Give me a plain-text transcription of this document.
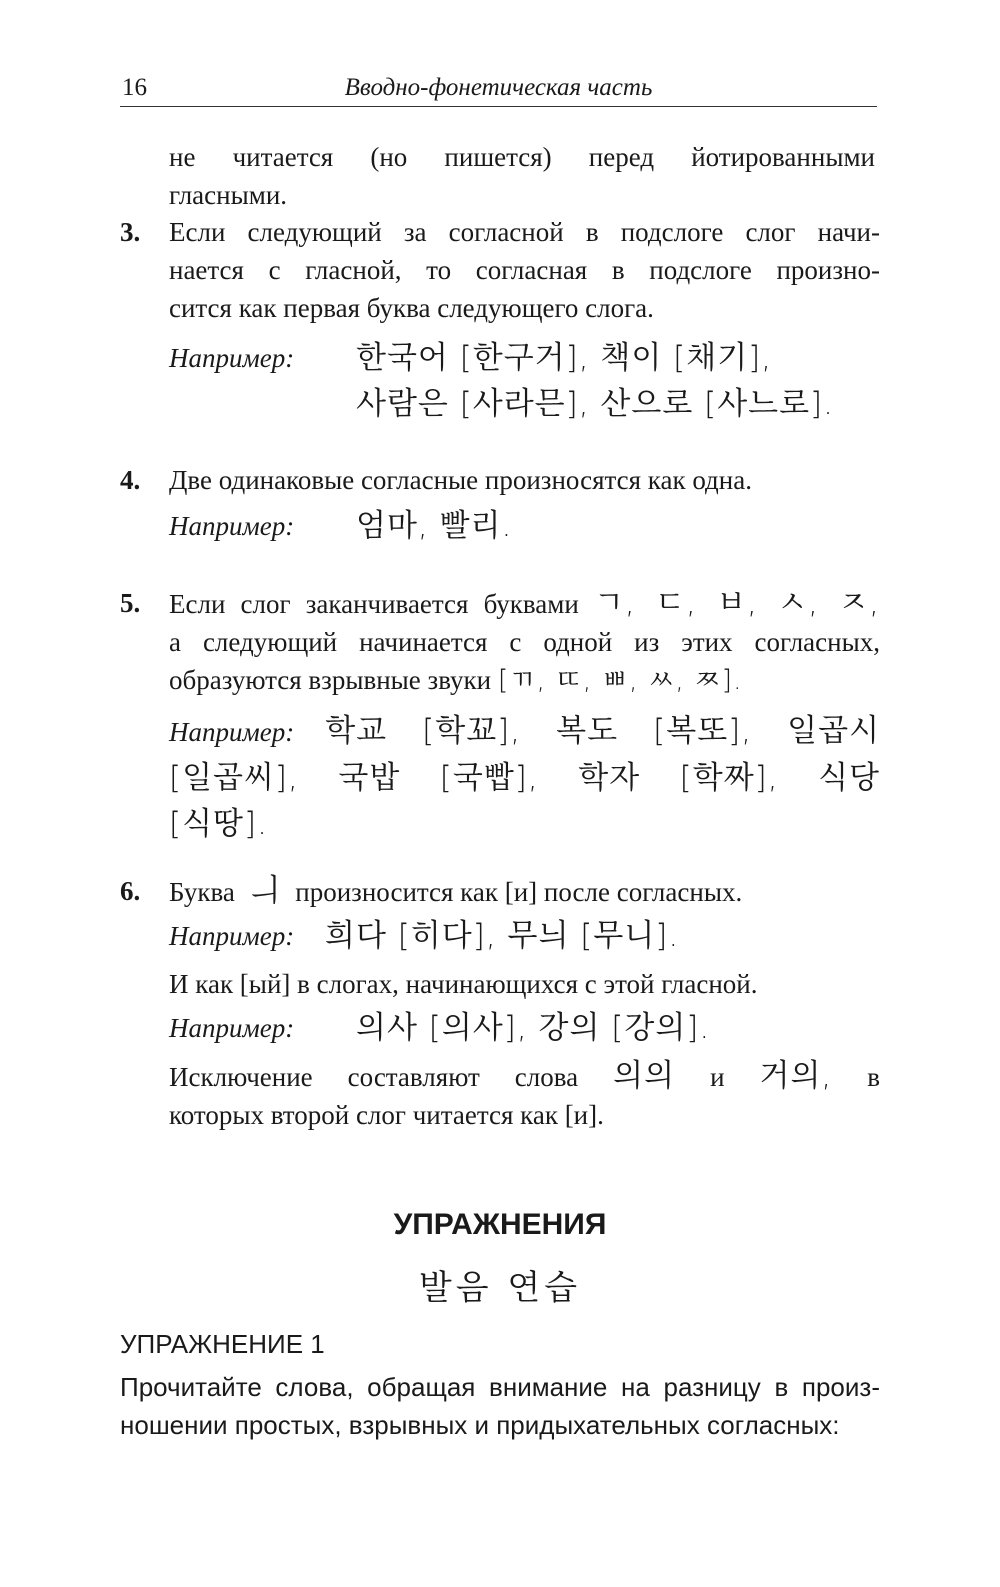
16	Вводно-фонетическая часть
не читается (но пишется) перед йотированными
гласными.
3. Если следующий за согласной в подслоге слог начи-
нается с гласной, то согласная в подслоге произно-
сится как первая буква следующего слога.
Например: 한국어 [한구거], 책이 [채기],
사람은 [사라믄], 산으로 [사느로].
4. Две одинаковые согласные произносятся как одна.
Например: 엄마, 빨리.
5. Если слог заканчивается буквами ㄱ, ㄷ, ㅂ, ㅅ, ㅈ,
а следующий начинается с одной из этих согласных,
образуются взрывные звуки [ㄲ, ㄸ, ㅃ, ㅆ, ㅉ].
Например: 학교 [학꾜], 복도 [복또], 일곱시
[일곱씨], 국밥 [국빱], 학자 [학짜], 식당
[식땅].
6. Буква ㅢ произносится как [и] после согласных.
Например: 희다 [히다], 무늬 [무니].
И как [ый] в слогах, начинающихся с этой гласной.
Например: 의사 [의사], 강의 [강의].
Исключение составляют слова 의의 и 거의, в
которых второй слог читается как [и].
УПРАЖНЕНИЯ
발음 연습
УПРАЖНЕНИЕ 1
Прочитайте слова, обращая внимание на разницу в произ-
ношении простых, взрывных и придыхательных согласных:
